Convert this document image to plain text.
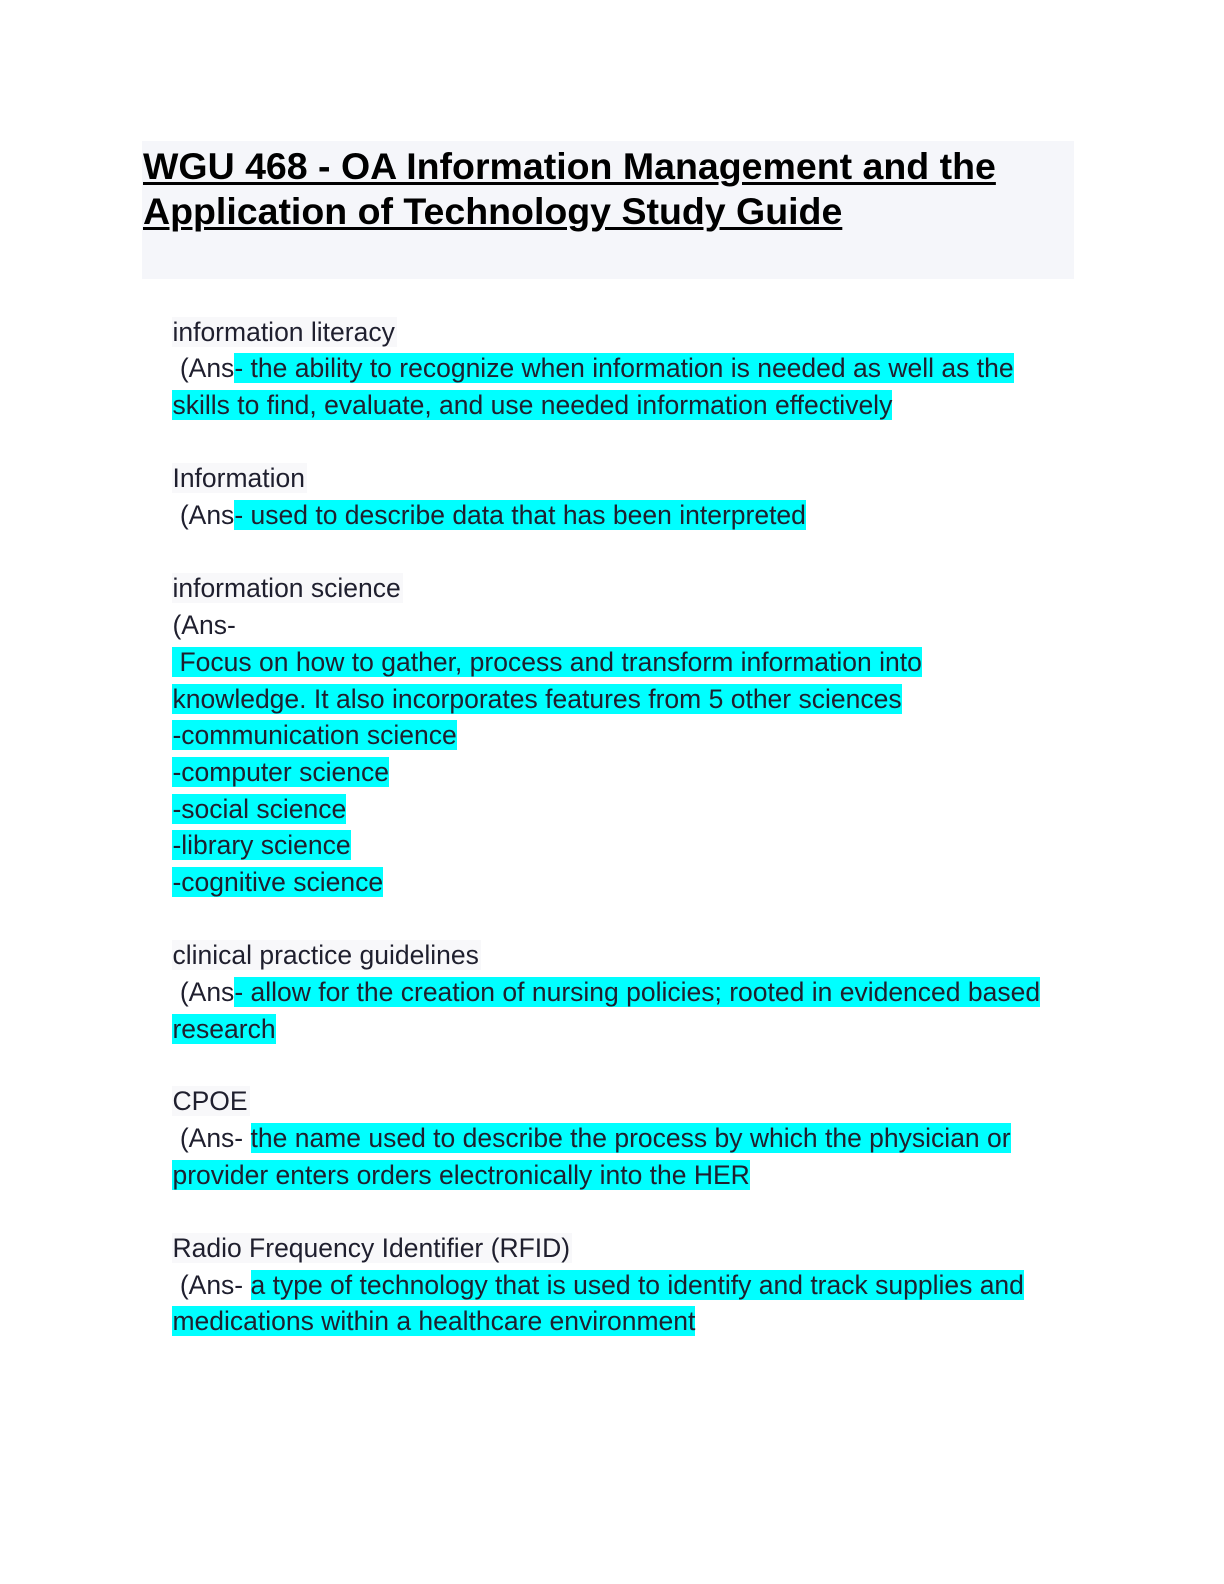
WGU 468 - OA Information Management and the
Application of Technology Study Guide

information literacy

(Ans- the ability to recognize when information is needed as well as the

skills to find, evaluate, and use needed information effectively

Information

(Ans- used to describe data that has been interpreted

information science

(Ans-

Focus on how to gather, process and transform information into

knowledge. It also incorporates features from 5 other sciences

-communication science

-computer science

-social science

-library science

-cognitive science

clinical practice guidelines

(Ans- allow for the creation of nursing policies; rooted in evidenced based

research

CPOE

(Ans- the name used to describe the process by which the physician or

provider enters orders electronically into the HER

Radio Frequency Identifier (RFID)

(Ans- a type of technology that is used to identify and track supplies and

medications within a healthcare environment
